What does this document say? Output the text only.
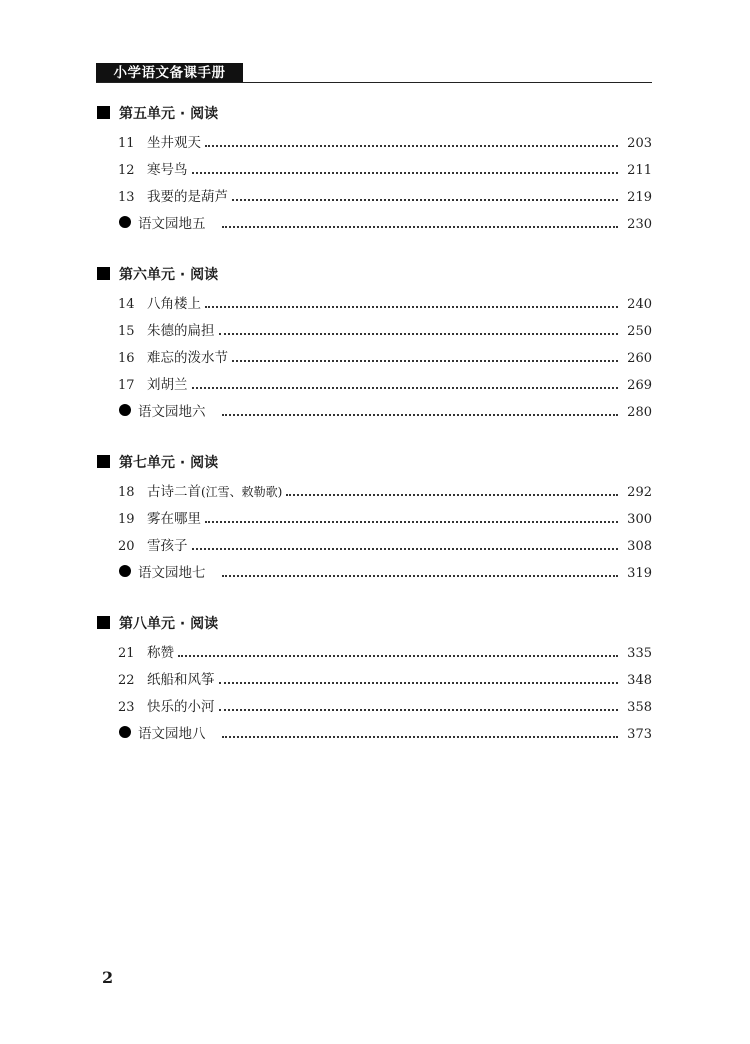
小学语文备课手册
第五单元 · 阅读
11 坐井观天	203
12 寒号鸟	211
13 我要的是葫芦	219
语文园地五	230
第六单元 · 阅读
14 八角楼上	240
15 朱德的扁担	250
16 难忘的泼水节	260
17 刘胡兰	269
语文园地六	280
第七单元 · 阅读
18 古诗二首(江雪、敕勒歌)	292
19 雾在哪里	300
20 雪孩子	308
语文园地七	319
第八单元 · 阅读
21 称赞	335
22 纸船和风筝	348
23 快乐的小河	358
语文园地八	373
2
